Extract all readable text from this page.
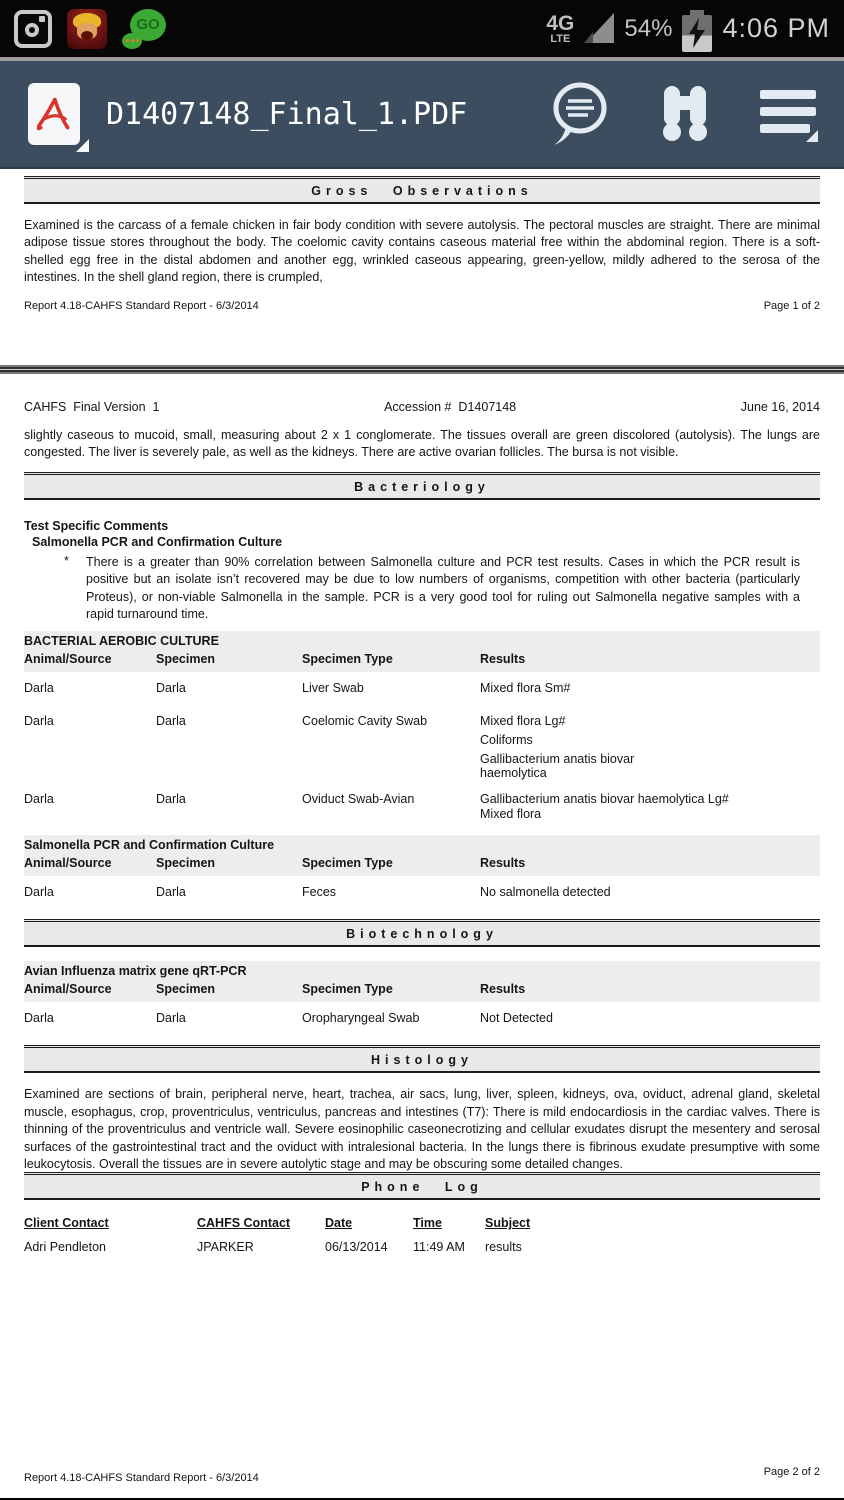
GO	4G
LTE 54% 4:06 PM
D1407148_Final_1.PDF
Gross Observations

Examined is the carcass of a female chicken in fair body condition with severe autolysis. The pectoral muscles are straight. There are minimal adipose tissue stores throughout the body. The coelomic cavity contains caseous material free within the abdominal region. There is a soft-shelled egg free in the distal abdomen and another egg, wrinkled caseous appearing, green-yellow, mildly adhered to the serosa of the intestines. In the shell gland region, there is crumpled,

Report 4.18-CAHFS Standard Report - 6/3/2014	Page 1 of 2
CAHFS  Final Version  1	Accession #  D1407148	June 16, 2014

slightly caseous to mucoid, small, measuring about 2 x 1 conglomerate. The tissues overall are green discolored (autolysis). The lungs are congested. The liver is severely pale, as well as the kidneys. There are active ovarian follicles. The bursa is not visible.

Bacteriology
Test Specific Comments
Salmonella PCR and Confirmation Culture
*	There is a greater than 90% correlation between Salmonella culture and PCR test results. Cases in which the PCR result is positive but an isolate isn’t recovered may be due to low numbers of organisms, competition with other bacteria (particularly Proteus), or non-viable Salmonella in the sample. PCR is a very good tool for ruling out Salmonella negative samples with a rapid turnaround time.
BACTERIAL AEROBIC CULTURE
Animal/Source	Specimen	Specimen Type	Results
Darla	Darla	Liver Swab	Mixed flora Sm#
Darla	Darla	Coelomic Cavity Swab	Mixed flora Lg#
Coliforms
Gallibacterium anatis biovar haemolytica
Darla	Darla	Oviduct Swab-Avian	Gallibacterium anatis biovar haemolytica Lg#
Mixed flora
Salmonella PCR and Confirmation Culture
Animal/Source	Specimen	Specimen Type	Results
Darla	Darla	Feces	No salmonella detected
Biotechnology
Avian Influenza matrix gene qRT-PCR
Animal/Source	Specimen	Specimen Type	Results
Darla	Darla	Oropharyngeal Swab	Not Detected
Histology

Examined are sections of brain, peripheral nerve, heart, trachea, air sacs, lung, liver, spleen, kidneys, ova, oviduct, adrenal gland, skeletal muscle, esophagus, crop, proventriculus, ventriculus, pancreas and intestines (T7): There is mild endocardiosis in the cardiac valves. There is thinning of the proventriculus and ventricle wall. Severe eosinophilic caseonecrotizing and cellular exudates disrupt the mesentery and serosal surfaces of the gastrointestinal tract and the oviduct with intralesional bacteria. In the lungs there is fibrinous exudate presumptive with some leukocytosis. Overall the tissues are in severe autolytic stage and may be obscuring some detailed changes.

Phone Log
Client Contact	CAHFS Contact	Date	Time	Subject
Adri Pendleton	JPARKER	06/13/2014	11:49 AM	results
Report 4.18-CAHFS Standard Report - 6/3/2014	Page 2 of 2
